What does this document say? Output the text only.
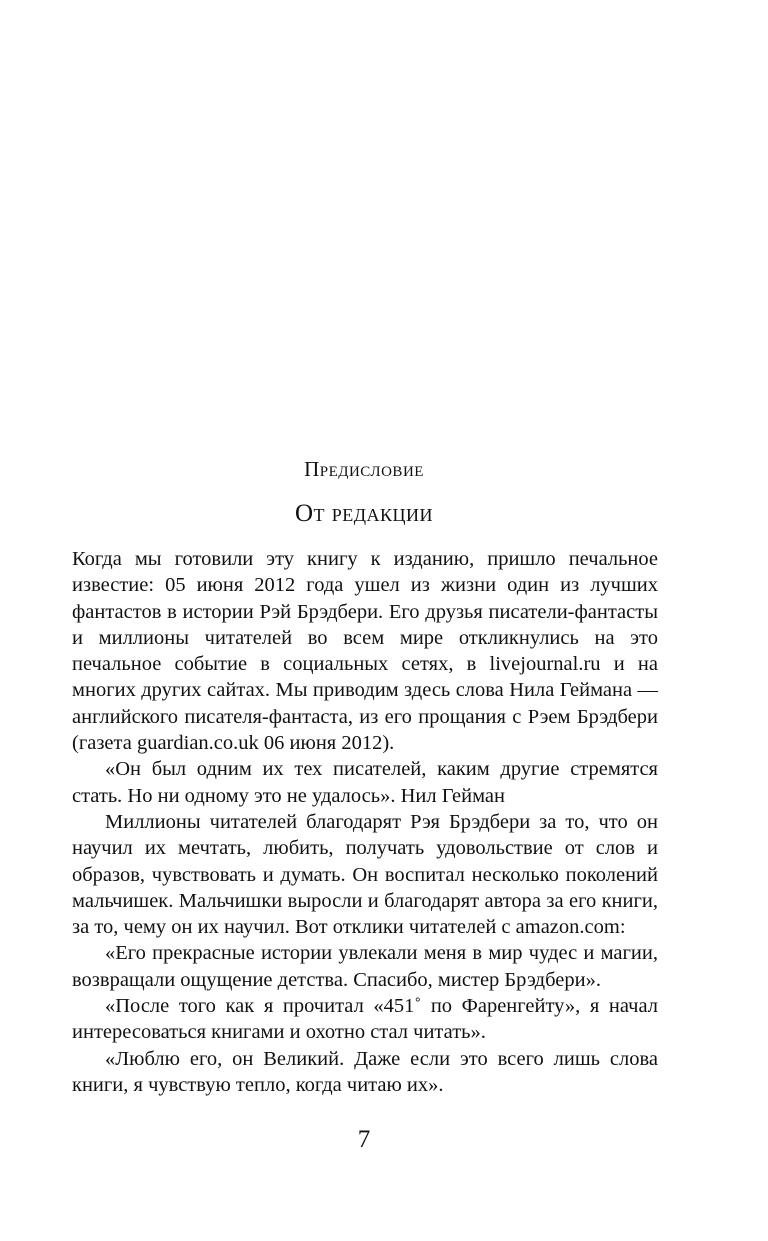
Предисловие
От редакции

Когда мы готовили эту книгу к изданию, пришло печальное известие: 05 июня 2012 года ушел из жизни один из лучших фантастов в истории Рэй Брэдбери. Его друзья писатели-фантасты и миллионы читателей во всем мире откликнулись на это печальное событие в социальных сетях, в livejournal.ru и на многих других сайтах. Мы приводим здесь слова Нила Геймана — английского писателя-фантаста, из его прощания с Рэем Брэдбери (газета guardian.co.uk 06 июня 2012).

«Он был одним их тех писателей, каким другие стремятся стать. Но ни одному это не удалось». Нил Гейман

Миллионы читателей благодарят Рэя Брэдбери за то, что он научил их мечтать, любить, получать удовольствие от слов и образов, чувствовать и думать. Он воспитал несколько поколений мальчишек. Мальчишки выросли и благодарят автора за его книги, за то, чему он их научил. Вот отклики читателей с amazon.com:

«Его прекрасные истории увлекали меня в мир чудес и магии, возвращали ощущение детства. Спасибо, мистер Брэдбери».

«После того как я прочитал «451˚ по Фаренгейту», я начал интересоваться книгами и охотно стал читать».

«Люблю его, он Великий. Даже если это всего лишь слова книги, я чувствую тепло, когда читаю их».

7
